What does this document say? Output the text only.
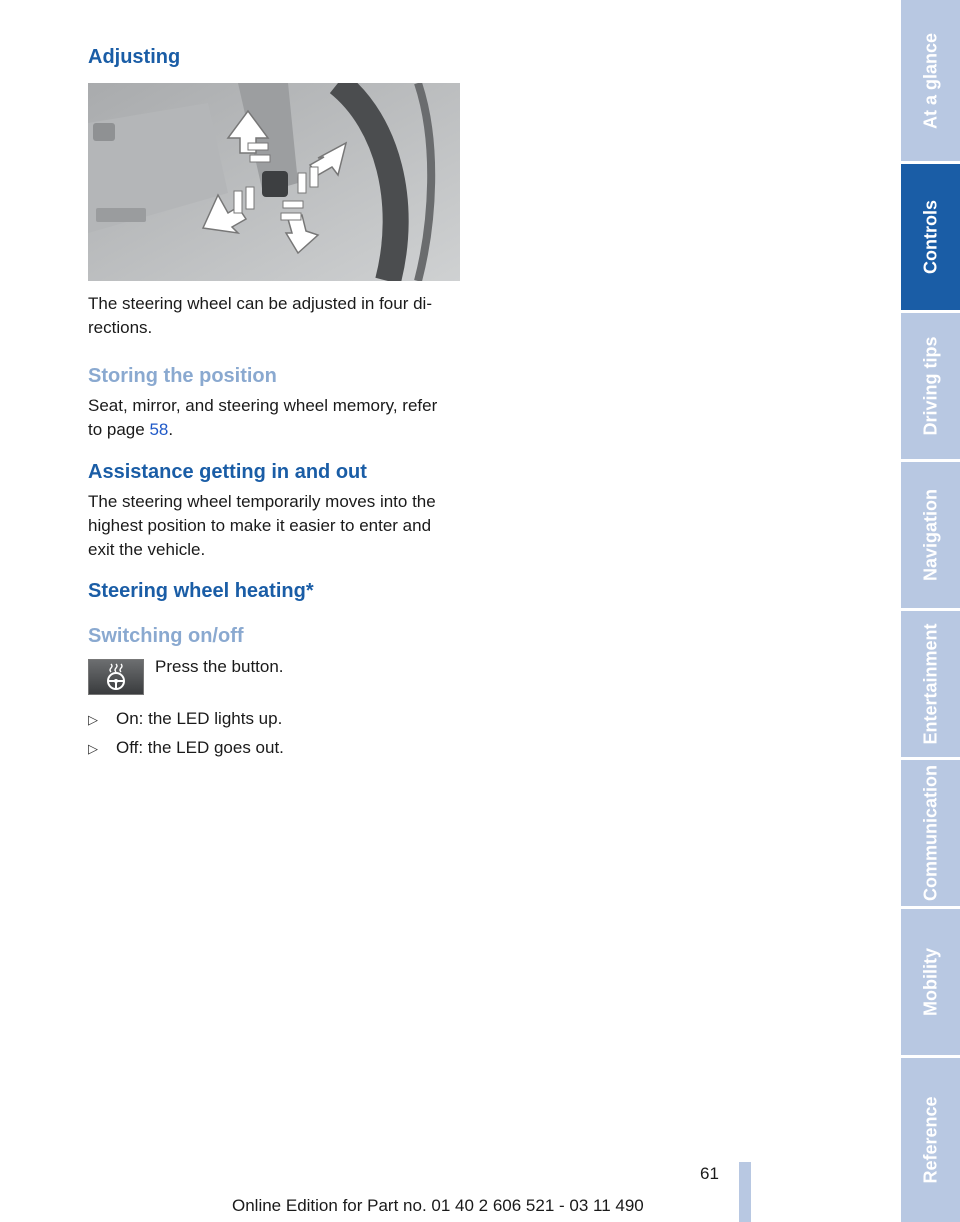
Adjusting

The steering wheel can be adjusted in four di-
rections.

Storing the position

Seat, mirror, and steering wheel memory, refer
to page 58.

Assistance getting in and out

The steering wheel temporarily moves into the
highest position to make it easier to enter and
exit the vehicle.

Steering wheel heating*
Switching on/off

Press the button.

▷ On: the LED lights up.
▷ Off: the LED goes out.
At a glance
Controls
Driving tips
Navigation
Entertainment
Communication
Mobility
Reference
61
Online Edition for Part no. 01 40 2 606 521 - 03 11 490
